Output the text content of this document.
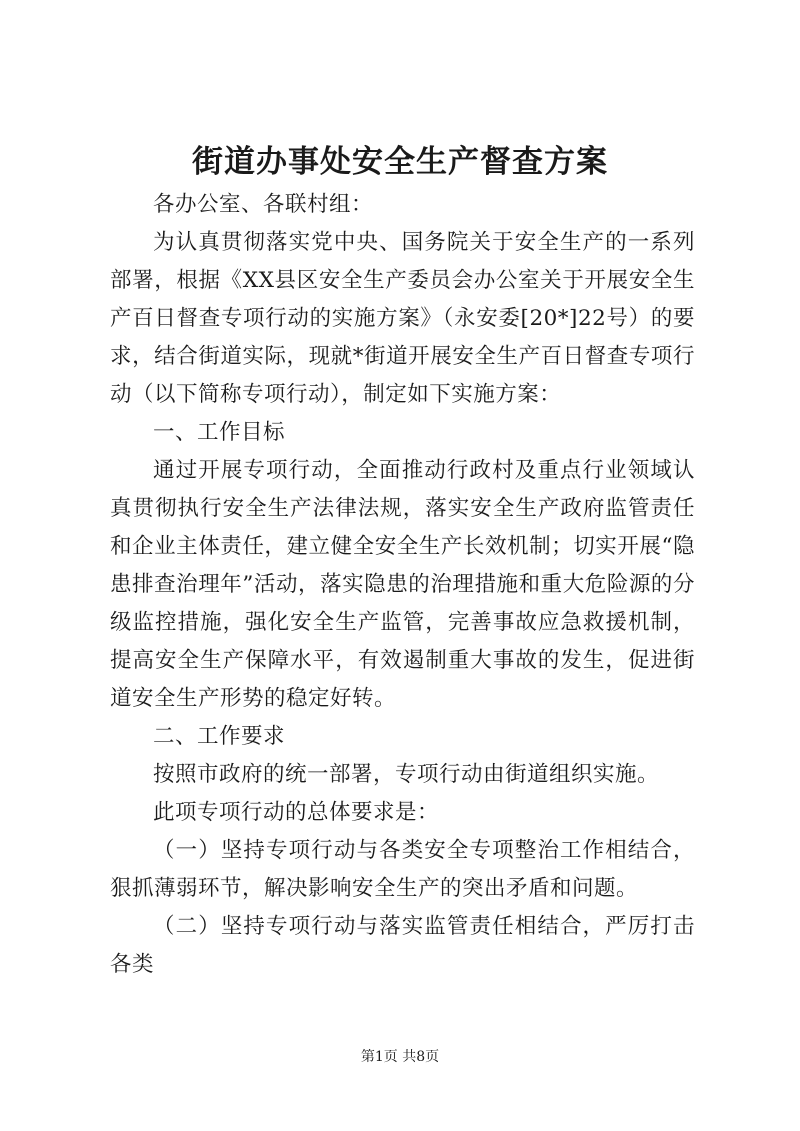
街道办事处安全生产督查方案

各办公室、各联村组：

为认真贯彻落实党中央、国务院关于安全生产的一系列部署，根据《XX县区安全生产委员会办公室关于开展安全生产百日督查专项行动的实施方案》（永安委[20*]22号）的要求，结合街道实际，现就*街道开展安全生产百日督查专项行动（以下简称专项行动），制定如下实施方案：

一、工作目标

通过开展专项行动，全面推动行政村及重点行业领域认真贯彻执行安全生产法律法规，落实安全生产政府监管责任和企业主体责任，建立健全安全生产长效机制；切实开展“隐患排查治理年”活动，落实隐患的治理措施和重大危险源的分级监控措施，强化安全生产监管，完善事故应急救援机制，提高安全生产保障水平，有效遏制重大事故的发生，促进街道安全生产形势的稳定好转。

二、工作要求

按照市政府的统一部署，专项行动由街道组织实施。

此项专项行动的总体要求是：

（一）坚持专项行动与各类安全专项整治工作相结合，狠抓薄弱环节，解决影响安全生产的突出矛盾和问题。

（二）坚持专项行动与落实监管责任相结合，严厉打击各类

第1页 共8页
